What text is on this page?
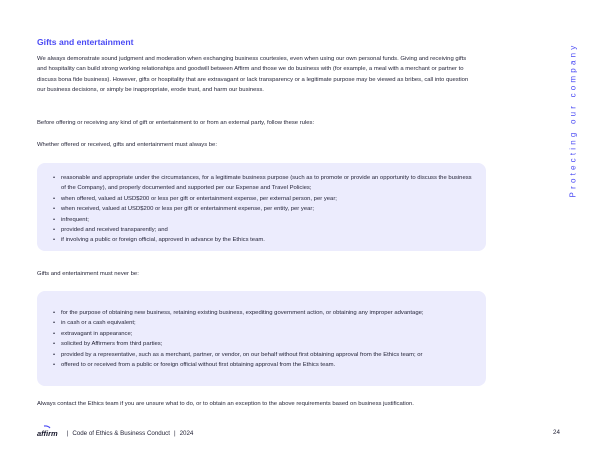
Gifts and entertainment
We always demonstrate sound judgment and moderation when exchanging business courtesies, even when using our own personal funds. Giving and receiving gifts and hospitality can build strong working relationships and goodwill between Affirm and those we do business with (for example, a meal with a merchant or partner to discuss bona fide business). However, gifts or hospitality that are extravagant or lack transparency or a legitimate purpose may be viewed as bribes, call into question our business decisions, or simply be inappropriate, erode trust, and harm our business.
Before offering or receiving any kind of gift or entertainment to or from an external party, follow these rules:
Whether offered or received, gifts and entertainment must always be:
• reasonable and appropriate under the circumstances, for a legitimate business purpose (such as to promote or provide an opportunity to discuss the business of the Company), and properly documented and supported per our Expense and Travel Policies;
• when offered, valued at USD$200 or less per gift or entertainment expense, per external person, per year;
• when received, valued at USD$200 or less per gift or entertainment expense, per entity, per year;
• infrequent;
• provided and received transparently; and
• if involving a public or foreign official, approved in advance by the Ethics team.
Gifts and entertainment must never be:
• for the purpose of obtaining new business, retaining existing business, expediting government action, or obtaining any improper advantage;
• in cash or a cash equivalent;
• extravagant in appearance;
• solicited by Affirmers from third parties;
• provided by a representative, such as a merchant, partner, or vendor, on our behalf without first obtaining approval from the Ethics team; or
• offered to or received from a public or foreign official without first obtaining approval from the Ethics team.
Always contact the Ethics team if you are unsure what to do, or to obtain an exception to the above requirements based on business justification.
Protecting our company
affirm | Code of Ethics & Business Conduct | 2024	24
